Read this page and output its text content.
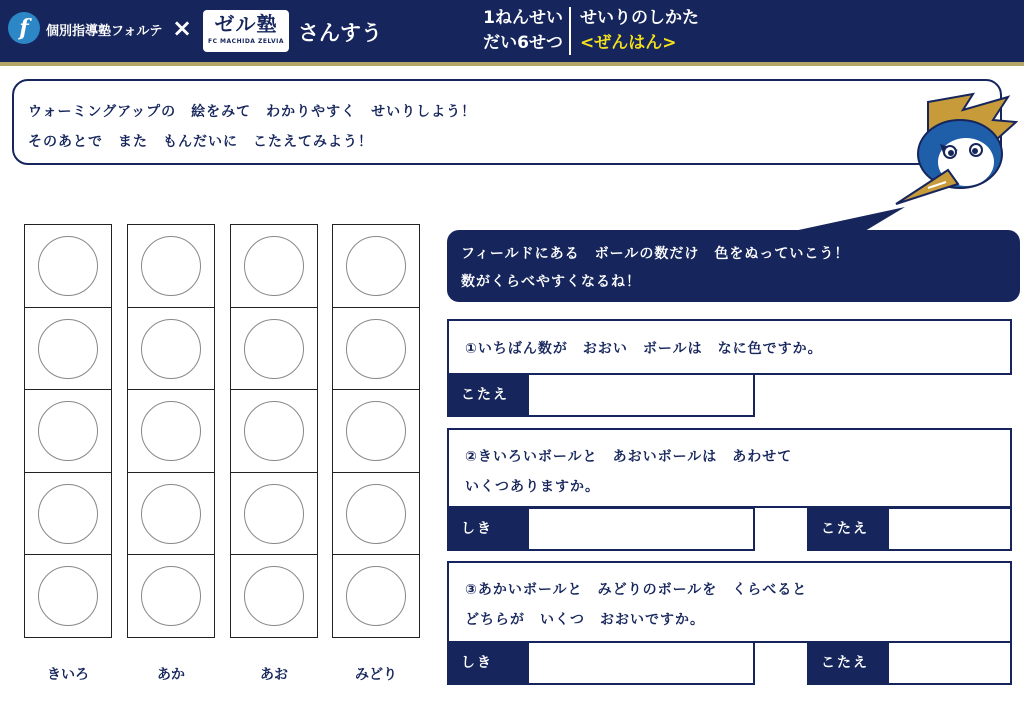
f	個別指導塾フォルテ ×	ゼル塾
FC MACHIDA ZELVIA さんすう
1ねんせい
だい6せつ
せいりのしかた
<ぜんはん>
ウォーミングアップの　絵をみて　わかりやすく　せいりしよう！
そのあとで　また　もんだいに　こたえてみよう！
きいろ	あか	あお	みどり
フィールドにある　ボールの数だけ　色をぬっていこう！
数がくらべやすくなるね！
①いちばん数が　おおい　ボールは　なに色ですか。
こたえ
②きいろいボールと　あおいボールは　あわせて
いくつありますか。
しき	こたえ
③あかいボールと　みどりのボールを　くらべると
どちらが　いくつ　おおいですか。
しき	こたえ
